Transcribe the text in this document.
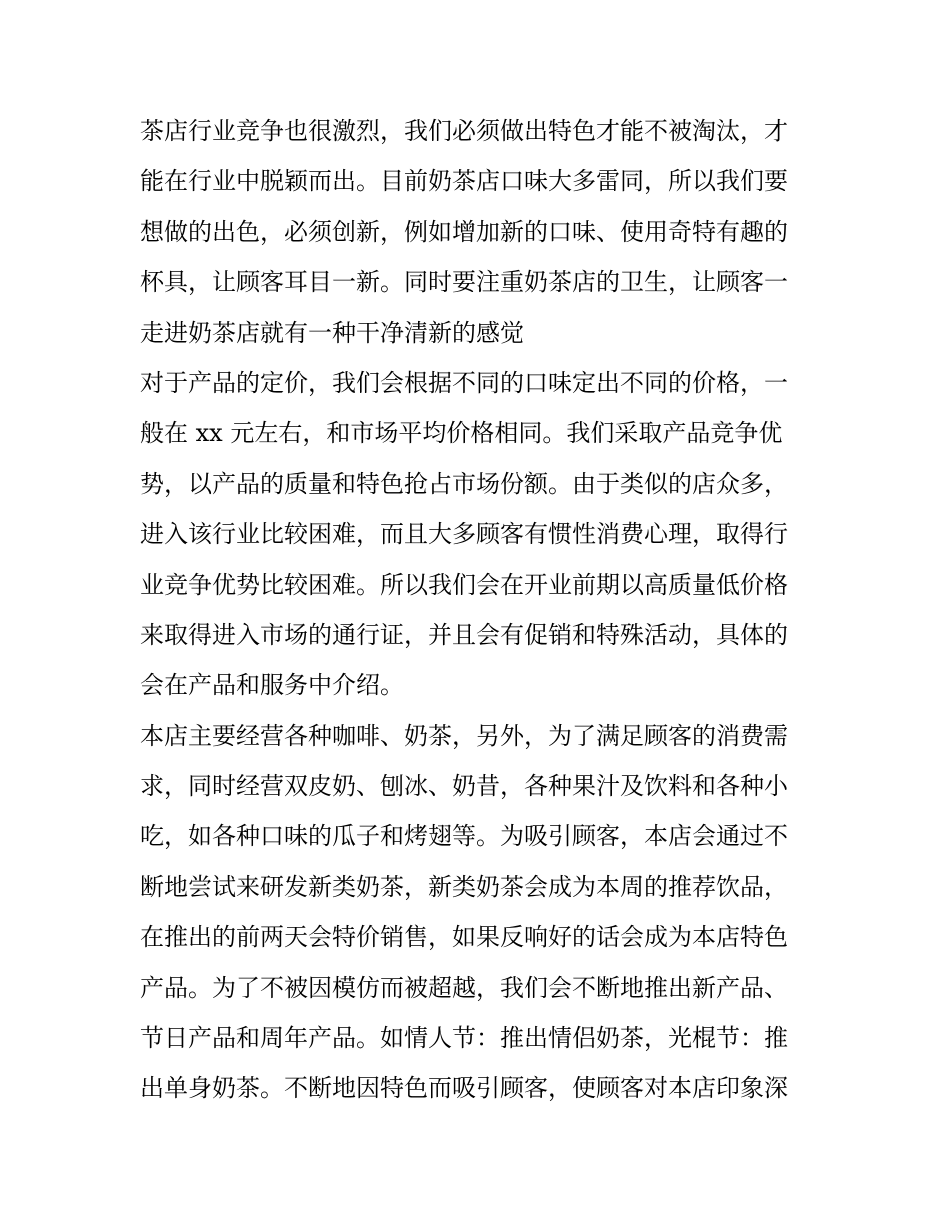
茶店行业竞争也很激烈，我们必须做出特色才能不被淘汰，才
能在行业中脱颖而出。目前奶茶店口味大多雷同，所以我们要
想做的出色，必须创新，例如增加新的口味、使用奇特有趣的
杯具，让顾客耳目一新。同时要注重奶茶店的卫生，让顾客一
走进奶茶店就有一种干净清新的感觉
对于产品的定价，我们会根据不同的口味定出不同的价格，一
般在 xx 元左右，和市场平均价格相同。我们采取产品竞争优
势，以产品的质量和特色抢占市场份额。由于类似的店众多，
进入该行业比较困难，而且大多顾客有惯性消费心理，取得行
业竞争优势比较困难。所以我们会在开业前期以高质量低价格
来取得进入市场的通行证，并且会有促销和特殊活动，具体的
会在产品和服务中介绍。
本店主要经营各种咖啡、奶茶，另外，为了满足顾客的消费需
求，同时经营双皮奶、刨冰、奶昔，各种果汁及饮料和各种小
吃，如各种口味的瓜子和烤翅等。为吸引顾客，本店会通过不
断地尝试来研发新类奶茶，新类奶茶会成为本周的推荐饮品，
在推出的前两天会特价销售，如果反响好的话会成为本店特色
产品。为了不被因模仿而被超越，我们会不断地推出新产品、
节日产品和周年产品。如情人节：推出情侣奶茶，光棍节：推
出单身奶茶。不断地因特色而吸引顾客，使顾客对本店印象深
